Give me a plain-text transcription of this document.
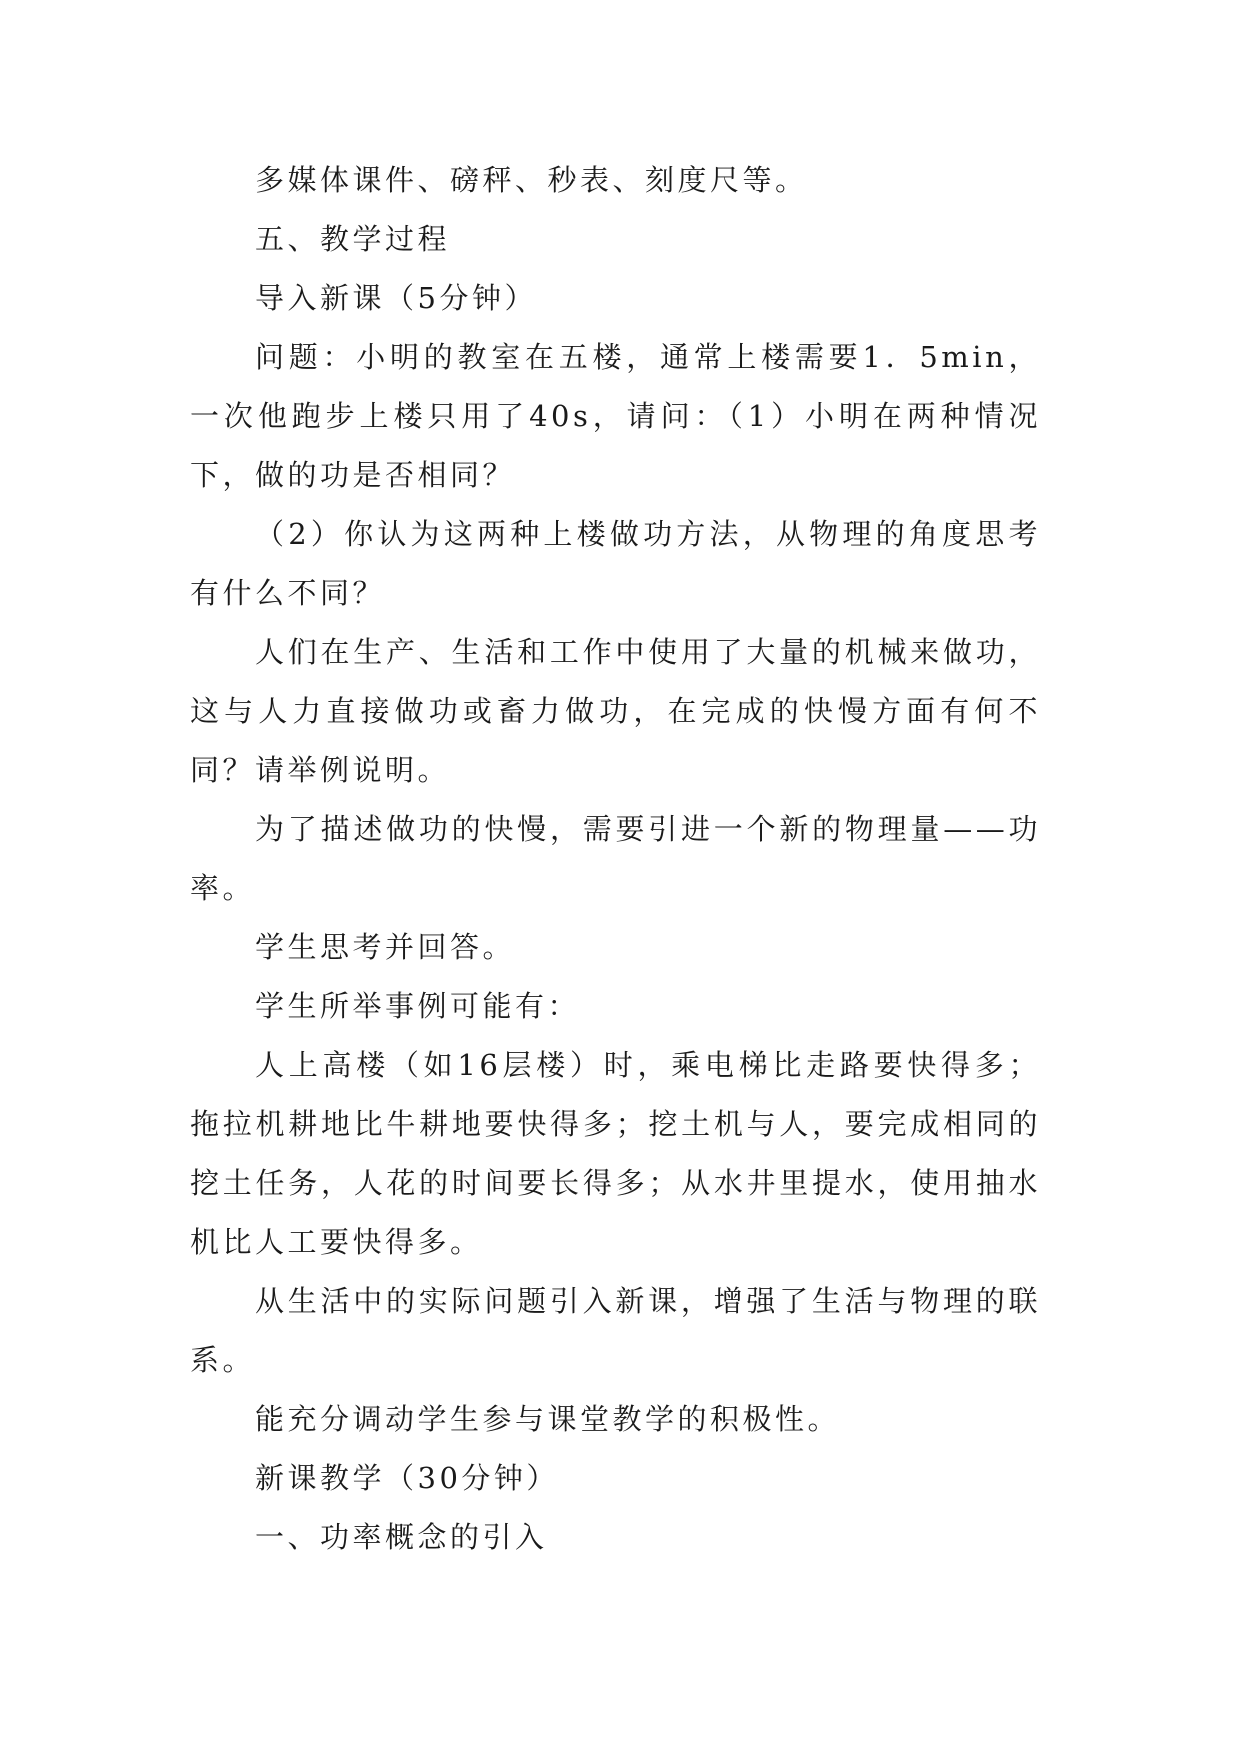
多媒体课件、磅秤、秒表、刻度尺等。

五、教学过程

导入新课（5分钟）

问题：小明的教室在五楼，通常上楼需要1．5min，一次他跑步上楼只用了40s，请问：（1）小明在两种情况下，做的功是否相同？

（2）你认为这两种上楼做功方法，从物理的角度思考有什么不同？

人们在生产、生活和工作中使用了大量的机械来做功，这与人力直接做功或畜力做功，在完成的快慢方面有何不同？请举例说明。

为了描述做功的快慢，需要引进一个新的物理量——功率。

学生思考并回答。

学生所举事例可能有：

人上高楼（如16层楼）时，乘电梯比走路要快得多；拖拉机耕地比牛耕地要快得多；挖土机与人，要完成相同的挖土任务，人花的时间要长得多；从水井里提水，使用抽水机比人工要快得多。

从生活中的实际问题引入新课，增强了生活与物理的联系。

能充分调动学生参与课堂教学的积极性。

新课教学（30分钟）

一、功率概念的引入
